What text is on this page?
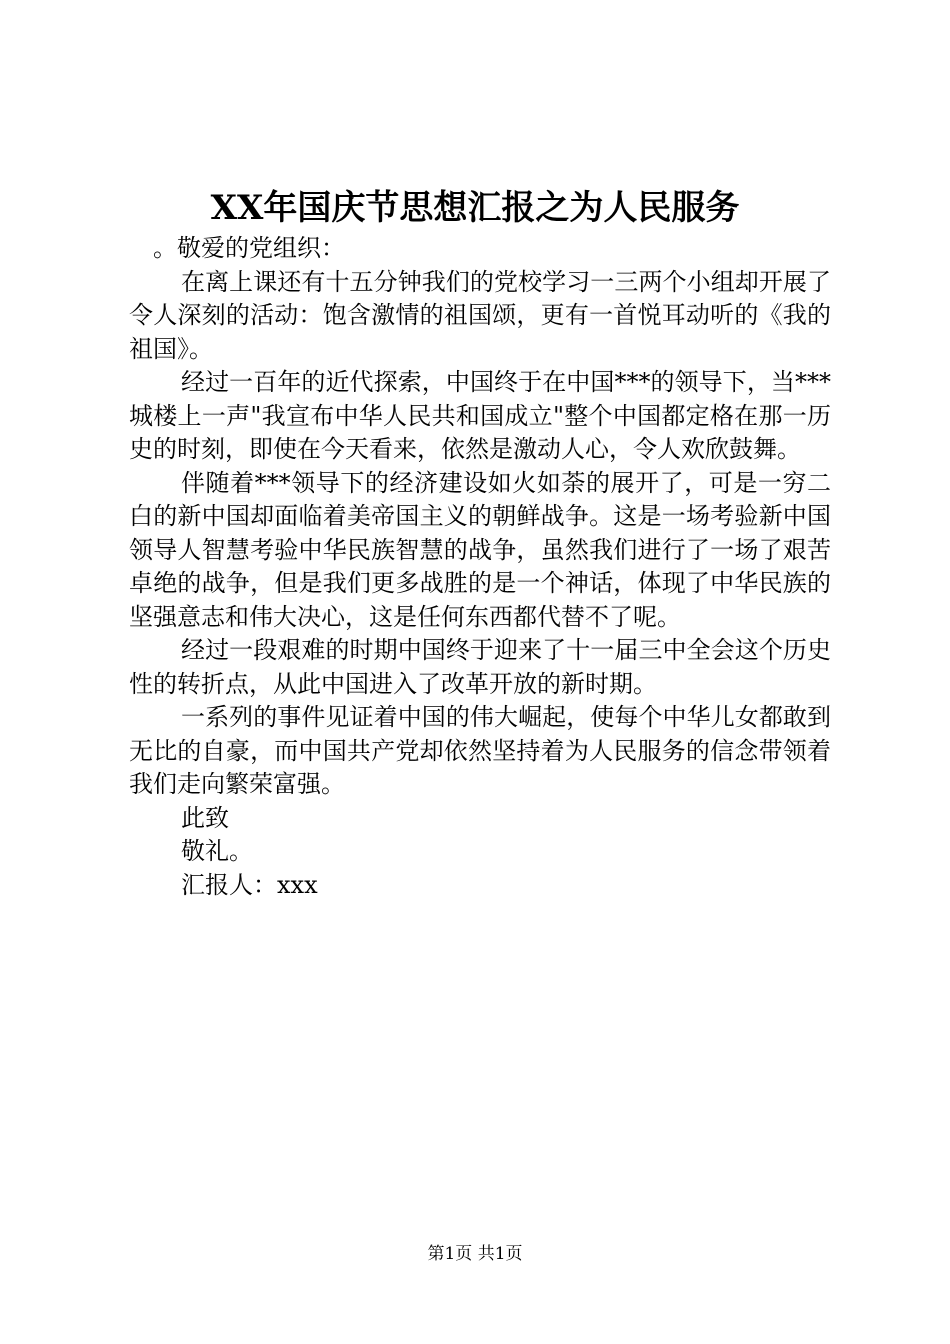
XX年国庆节思想汇报之为人民服务

。敬爱的党组织：

在离上课还有十五分钟我们的党校学习一三两个小组却开展了令人深刻的活动：饱含激情的祖国颂，更有一首悦耳动听的《我的祖国》。

经过一百年的近代探索，中国终于在中国***的领导下，当***城楼上一声"我宣布中华人民共和国成立"整个中国都定格在那一历史的时刻，即使在今天看来，依然是激动人心，令人欢欣鼓舞。

伴随着***领导下的经济建设如火如荼的展开了，可是一穷二白的新中国却面临着美帝国主义的朝鲜战争。这是一场考验新中国领导人智慧考验中华民族智慧的战争，虽然我们进行了一场了艰苦卓绝的战争，但是我们更多战胜的是一个神话，体现了中华民族的坚强意志和伟大决心，这是任何东西都代替不了呢。

经过一段艰难的时期中国终于迎来了十一届三中全会这个历史性的转折点，从此中国进入了改革开放的新时期。

一系列的事件见证着中国的伟大崛起，使每个中华儿女都敢到无比的自豪，而中国共产党却依然坚持着为人民服务的信念带领着我们走向繁荣富强。

此致

敬礼。

汇报人：xxx

第1页 共1页
